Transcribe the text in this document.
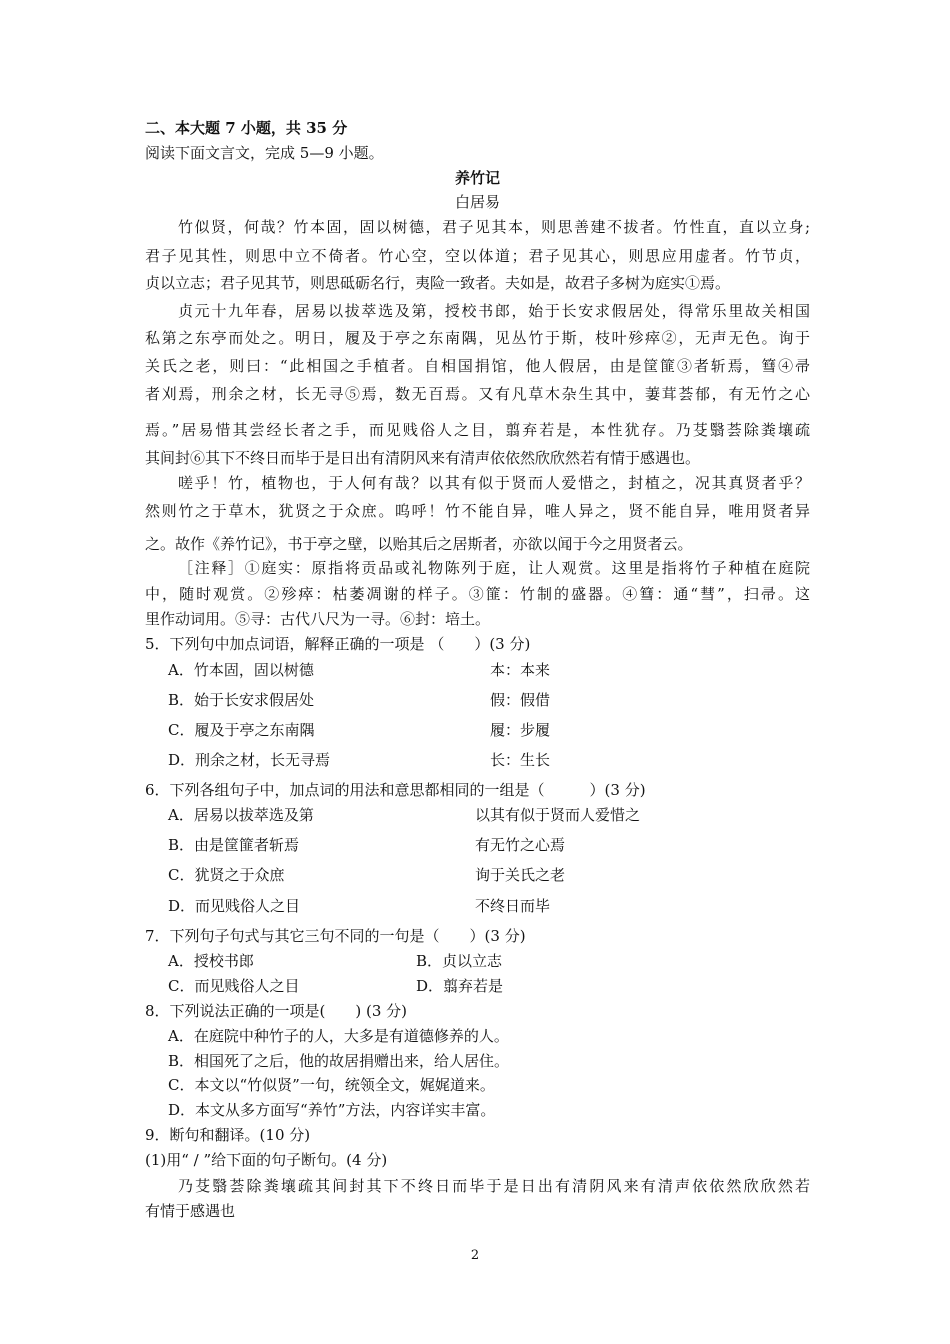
二、本大题 7 小题，共 35 分
阅读下面文言文，完成 5—9 小题。
养竹记
白居易
竹似贤，何哉？竹本固，固以树德，君子见其本，则思善建不拔者。竹性直，直以立身;
君子见其性，则思中立不倚者。竹心空，空以体道；君子见其心，则思应用虚者。竹节贞，
贞以立志；君子见其节，则思砥砺名行，夷险一致者。夫如是，故君子多树为庭实①焉。
贞元十九年春，居易以拔萃选及第，授校书郎，始于长安求假居处，得常乐里故关相国
私第之东亭而处之。明日，履及于亭之东南隅，见丛竹于斯，枝叶殄瘁②，无声无色。询于
关氏之老，则曰：“此相国之手植者。自相国捐馆，他人假居，由是筐篚③者斩焉，篲④帚
者刈焉，刑余之材，长无寻⑤焉，数无百焉。又有凡草木杂生其中，萋茸荟郁，有无竹之心
焉。”居易惜其尝经长者之手，而见贱俗人之目，翦弃若是，本性犹存。乃芟翳荟除粪壤疏
其间封⑥其下不终日而毕于是日出有清阴风来有清声依依然欣欣然若有情于感遇也。
嗟乎！竹，植物也，于人何有哉？以其有似于贤而人爱惜之，封植之，况其真贤者乎？
然则竹之于草木，犹贤之于众庶。呜呼！竹不能自异，唯人异之，贤不能自异，唯用贤者异
之。故作《养竹记》，书于亭之壁，以贻其后之居斯者，亦欲以闻于今之用贤者云。
［注释］①庭实：原指将贡品或礼物陈列于庭，让人观赏。这里是指将竹子种植在庭院
中，随时观赏。②殄瘁：枯萎凋谢的样子。③篚：竹制的盛器。④篲：通“彗”，扫帚。这
里作动词用。⑤寻：古代八尺为一寻。⑥封：培土。
5．下列句中加点词语，解释正确的一项是 （　　）(3 分)
A．竹本固，固以树德	本：本来
B．始于长安求假居处	假：假借
C．履及于亭之东南隅	履：步履
D．刑余之材，长无寻焉	长：生长
6．下列各组句子中，加点词的用法和意思都相同的一组是（　　　）(3 分)
A．居易以拔萃选及第	以其有似于贤而人爱惜之
B．由是筐篚者斩焉	有无竹之心焉
C．犹贤之于众庶	询于关氏之老
D．而见贱俗人之目	不终日而毕
7．下列句子句式与其它三句不同的一句是（　　）(3 分)
A．授校书郎	B．贞以立志
C．而见贱俗人之目	D．翦弃若是
8．下列说法正确的一项是(　　) (3 分)
A．在庭院中种竹子的人，大多是有道德修养的人。
B．相国死了之后，他的故居捐赠出来，给人居住。
C．本文以“竹似贤”一句，统领全文，娓娓道来。
D．本文从多方面写“养竹”方法，内容详实丰富。
9．断句和翻译。(10 分)
(1)用“ / ”给下面的句子断句。(4 分)
乃芟翳荟除粪壤疏其间封其下不终日而毕于是日出有清阴风来有清声依依然欣欣然若
有情于感遇也
2
